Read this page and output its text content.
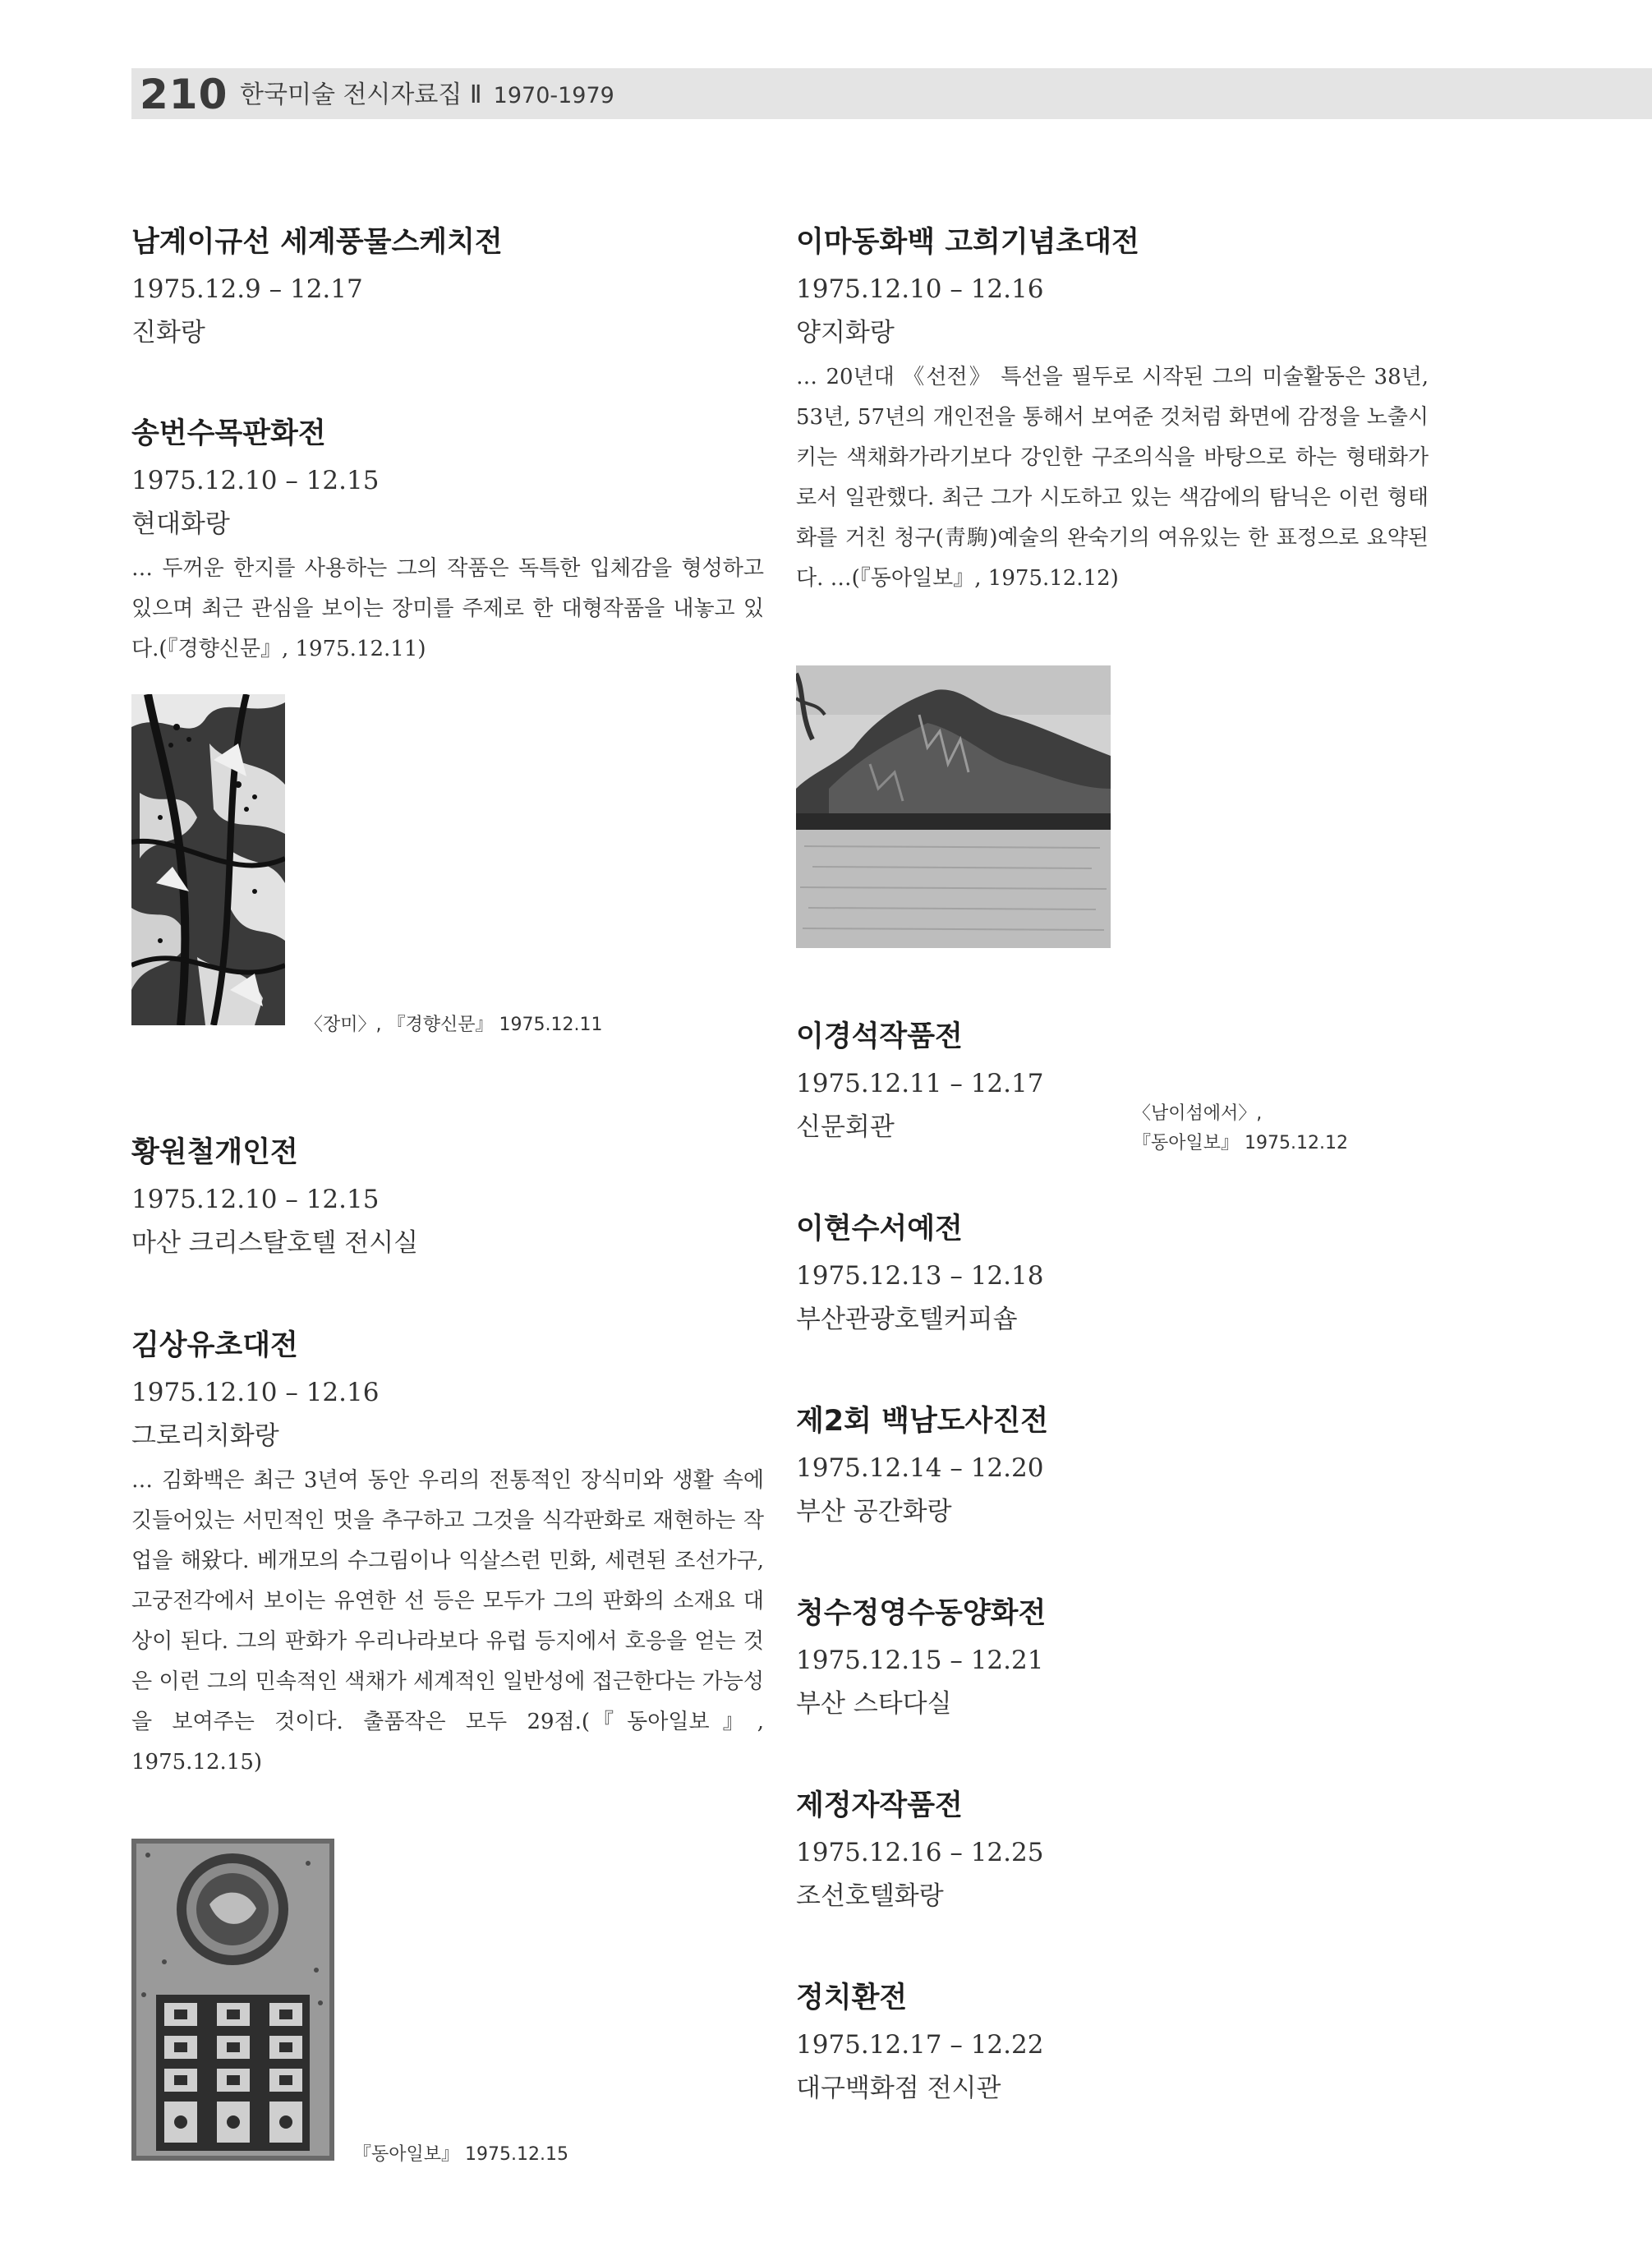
210 한국미술 전시자료집 Ⅱ 1970-1979
남계이규선 세계풍물스케치전

1975.12.9 – 12.17

진화랑

송번수목판화전

1975.12.10 – 12.15

현대화랑

… 두꺼운 한지를 사용하는 그의 작품은 독특한 입체감을 형성하고 있으며 최근 관심을 보이는 장미를 주제로 한 대형작품을 내놓고 있다.(『경향신문』, 1975.12.11)

〈장미〉, 『경향신문』 1975.12.11
황원철개인전

1975.12.10 – 12.15

마산 크리스탈호텔 전시실

김상유초대전

1975.12.10 – 12.16

그로리치화랑

… 김화백은 최근 3년여 동안 우리의 전통적인 장식미와 생활 속에 깃들어있는 서민적인 멋을 추구하고 그것을 식각판화로 재현하는 작업을 해왔다. 베개모의 수그림이나 익살스런 민화, 세련된 조선가구, 고궁전각에서 보이는 유연한 선 등은 모두가 그의 판화의 소재요 대상이 된다. 그의 판화가 우리나라보다 유럽 등지에서 호응을 얻는 것은 이런 그의 민속적인 색채가 세계적인 일반성에 접근한다는 가능성을 보여주는 것이다. 출품작은 모두 29점.(『동아일보』, 1975.12.15)

『동아일보』 1975.12.15
이마동화백 고희기념초대전

1975.12.10 – 12.16

양지화랑

… 20년대 《선전》 특선을 필두로 시작된 그의 미술활동은 38년, 53년, 57년의 개인전을 통해서 보여준 것처럼 화면에 감정을 노출시키는 색채화가라기보다 강인한 구조의식을 바탕으로 하는 형태화가로서 일관했다. 최근 그가 시도하고 있는 색감에의 탐닉은 이런 형태화를 거친 청구(靑駒)예술의 완숙기의 여유있는 한 표정으로 요약된다. …(『동아일보』, 1975.12.12)

〈남이섬에서〉,
『동아일보』 1975.12.12
이경석작품전

1975.12.11 – 12.17

신문회관

이현수서예전

1975.12.13 – 12.18

부산관광호텔커피숍

제2회 백남도사진전

1975.12.14 – 12.20

부산 공간화랑

청수정영수동양화전

1975.12.15 – 12.21

부산 스타다실

제정자작품전

1975.12.16 – 12.25

조선호텔화랑

정치환전

1975.12.17 – 12.22

대구백화점 전시관
